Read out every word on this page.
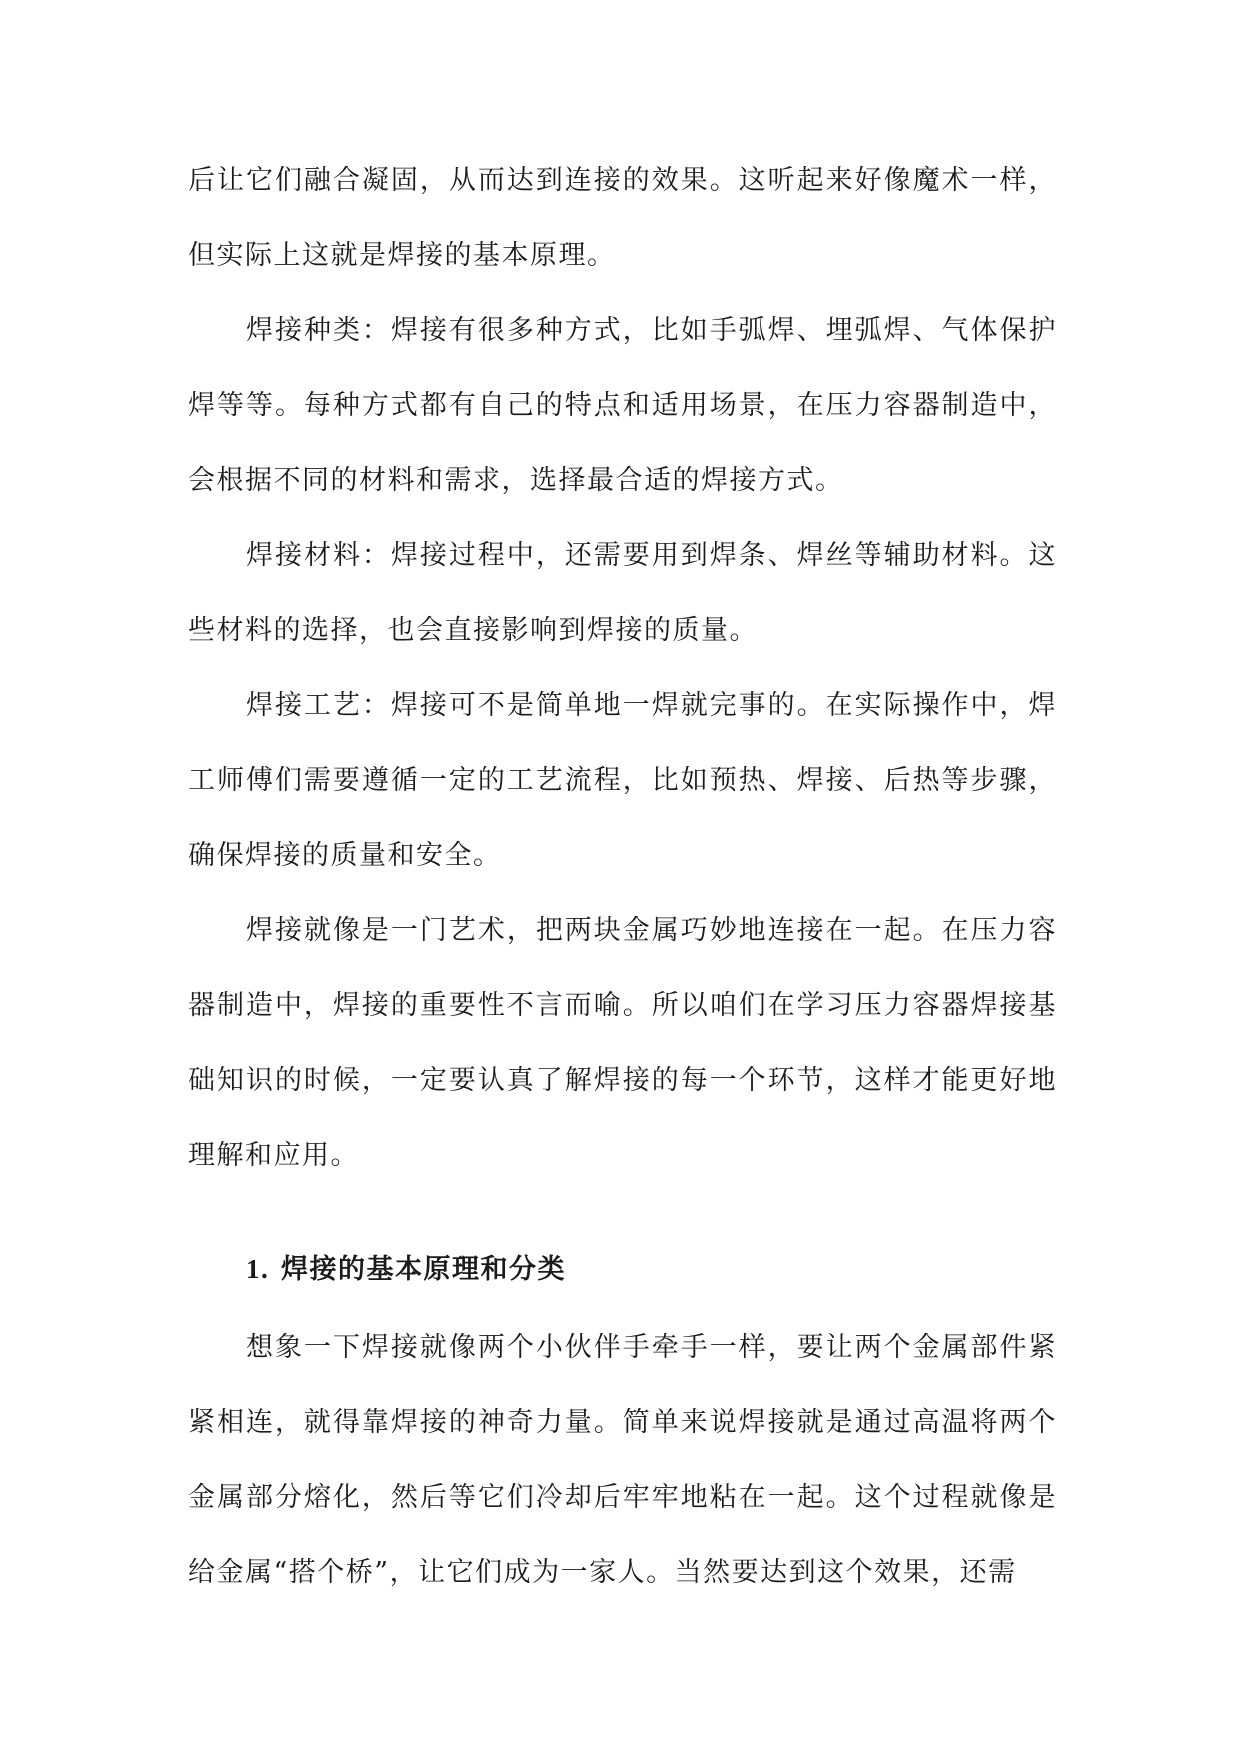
后让它们融合凝固，从而达到连接的效果。这听起来好像魔术一样，但实际上这就是焊接的基本原理。

焊接种类：焊接有很多种方式，比如手弧焊、埋弧焊、气体保护焊等等。每种方式都有自己的特点和适用场景，在压力容器制造中，会根据不同的材料和需求，选择最合适的焊接方式。

焊接材料：焊接过程中，还需要用到焊条、焊丝等辅助材料。这些材料的选择，也会直接影响到焊接的质量。

焊接工艺：焊接可不是简单地一焊就完事的。在实际操作中，焊工师傅们需要遵循一定的工艺流程，比如预热、焊接、后热等步骤，确保焊接的质量和安全。

焊接就像是一门艺术，把两块金属巧妙地连接在一起。在压力容器制造中，焊接的重要性不言而喻。所以咱们在学习压力容器焊接基础知识的时候，一定要认真了解焊接的每一个环节，这样才能更好地理解和应用。

1. 焊接的基本原理和分类

想象一下焊接就像两个小伙伴手牵手一样，要让两个金属部件紧紧相连，就得靠焊接的神奇力量。简单来说焊接就是通过高温将两个金属部分熔化，然后等它们冷却后牢牢地粘在一起。这个过程就像是给金属“搭个桥”，让它们成为一家人。当然要达到这个效果，还需
